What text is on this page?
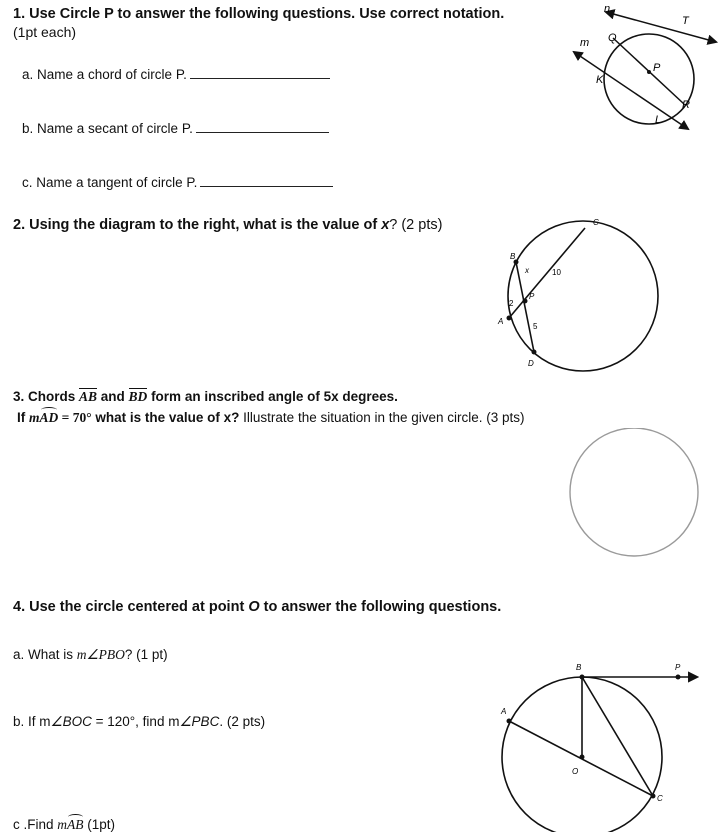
1. Use Circle P to answer the following questions. Use correct notation.
(1pt each)
a. Name a chord of circle P.
b. Name a secant of circle P.
c. Name a tangent of circle P.
n
T
m Q
P
K
R
L
2. Using the diagram to the right, what is the value of x? (2 pts)	C
B
x	10
2
P
A
5
D
3. Chords AB and BD form an inscribed angle of 5x degrees.
If mAD = 70° what is the value of x? Illustrate the situation in the given circle. (3 pts)
4. Use the circle centered at point O to answer the following questions.
a. What is m∠PBO? (1 pt)
b. If m∠BOC = 120°, find m∠PBC. (2 pts)
c .Find mAB (1pt)
B	P
A
O
C
